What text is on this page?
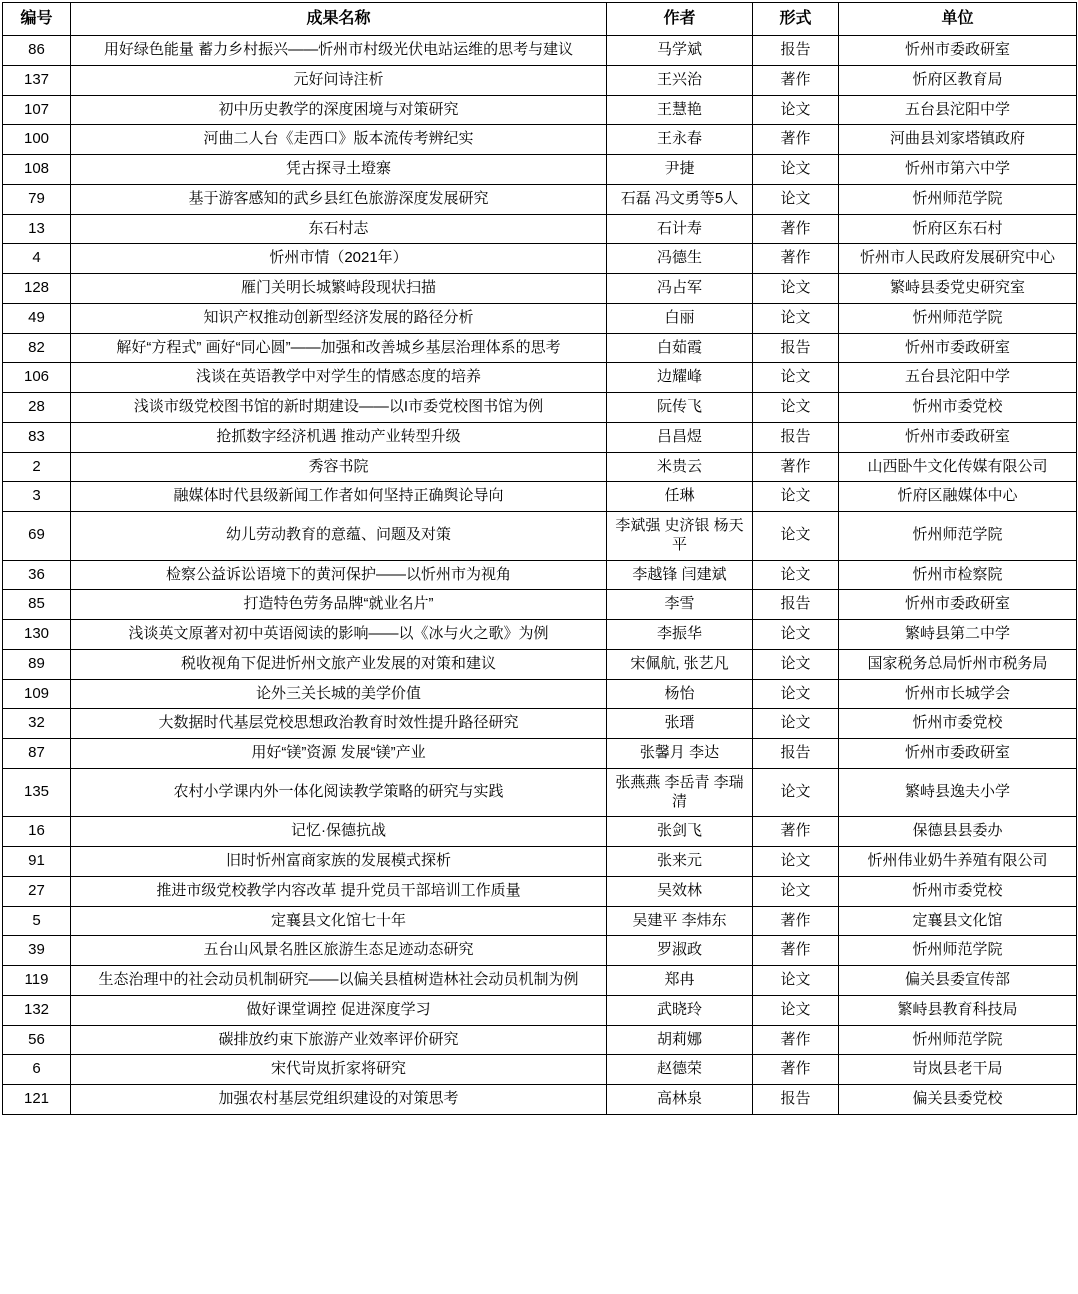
编号	成果名称	作者	形式	单位
86	用好绿色能量 蓄力乡村振兴――忻州市村级光伏电站运维的思考与建议	马学斌	报告	忻州市委政研室
137	元好问诗注析	王兴治	著作	忻府区教育局
107	初中历史教学的深度困境与对策研究	王慧艳	论文	五台县沱阳中学
100	河曲二人台《走西口》版本流传考辨纪实	王永春	著作	河曲县刘家塔镇政府
108	凭古探寻土墱寨	尹捷	论文	忻州市第六中学
79	基于游客感知的武乡县红色旅游深度发展研究	石磊 冯文勇等5人	论文	忻州师范学院
13	东石村志	石计寿	著作	忻府区东石村
4	忻州市情（2021年）	冯德生	著作	忻州市人民政府发展研究中心
128	雁门关明长城繁峙段现状扫描	冯占军	论文	繁峙县委党史研究室
49	知识产权推动创新型经济发展的路径分析	白丽	论文	忻州师范学院
82	解好“方程式” 画好“同心圆”――加强和改善城乡基层治理体系的思考	白茹霞	报告	忻州市委政研室
106	浅谈在英语教学中对学生的情感态度的培养	边耀峰	论文	五台县沱阳中学
28	浅谈市级党校图书馆的新时期建设――以I市委党校图书馆为例	阮传飞	论文	忻州市委党校
83	抢抓数字经济机遇 推动产业转型升级	吕昌煜	报告	忻州市委政研室
2	秀容书院	米贵云	著作	山西卧牛文化传媒有限公司
3	融媒体时代县级新闻工作者如何坚持正确舆论导向	任琳	论文	忻府区融媒体中心
69	幼儿劳动教育的意蕴、问题及对策	李斌强 史济银 杨天平	论文	忻州师范学院
36	检察公益诉讼语境下的黄河保护――以忻州市为视角	李越锋 闫建斌	论文	忻州市检察院
85	打造特色劳务品牌“就业名片”	李雪	报告	忻州市委政研室
130	浅谈英文原著对初中英语阅读的影响――以《冰与火之歌》为例	李振华	论文	繁峙县第二中学
89	税收视角下促进忻州文旅产业发展的对策和建议	宋佩航, 张艺凡	论文	国家税务总局忻州市税务局
109	论外三关长城的美学价值	杨怡	论文	忻州市长城学会
32	大数据时代基层党校思想政治教育时效性提升路径研究	张瑨	论文	忻州市委党校
87	用好“镁”资源 发展“镁”产业	张馨月 李达	报告	忻州市委政研室
135	农村小学课内外一体化阅读教学策略的研究与实践	张燕燕 李岳青 李瑞清	论文	繁峙县逸夫小学
16	记忆·保德抗战	张剑飞	著作	保德县县委办
91	旧时忻州富商家族的发展模式探析	张来元	论文	忻州伟业奶牛养殖有限公司
27	推进市级党校教学内容改革 提升党员干部培训工作质量	吴效林	论文	忻州市委党校
5	定襄县文化馆七十年	吴建平 李炜东	著作	定襄县文化馆
39	五台山风景名胜区旅游生态足迹动态研究	罗淑政	著作	忻州师范学院
119	生态治理中的社会动员机制研究――以偏关县植树造林社会动员机制为例	郑冉	论文	偏关县委宣传部
132	做好课堂调控 促进深度学习	武晓玲	论文	繁峙县教育科技局
56	碳排放约束下旅游产业效率评价研究	胡莉娜	著作	忻州师范学院
6	宋代岢岚折家将研究	赵德荣	著作	岢岚县老干局
121	加强农村基层党组织建设的对策思考	高林泉	报告	偏关县委党校
